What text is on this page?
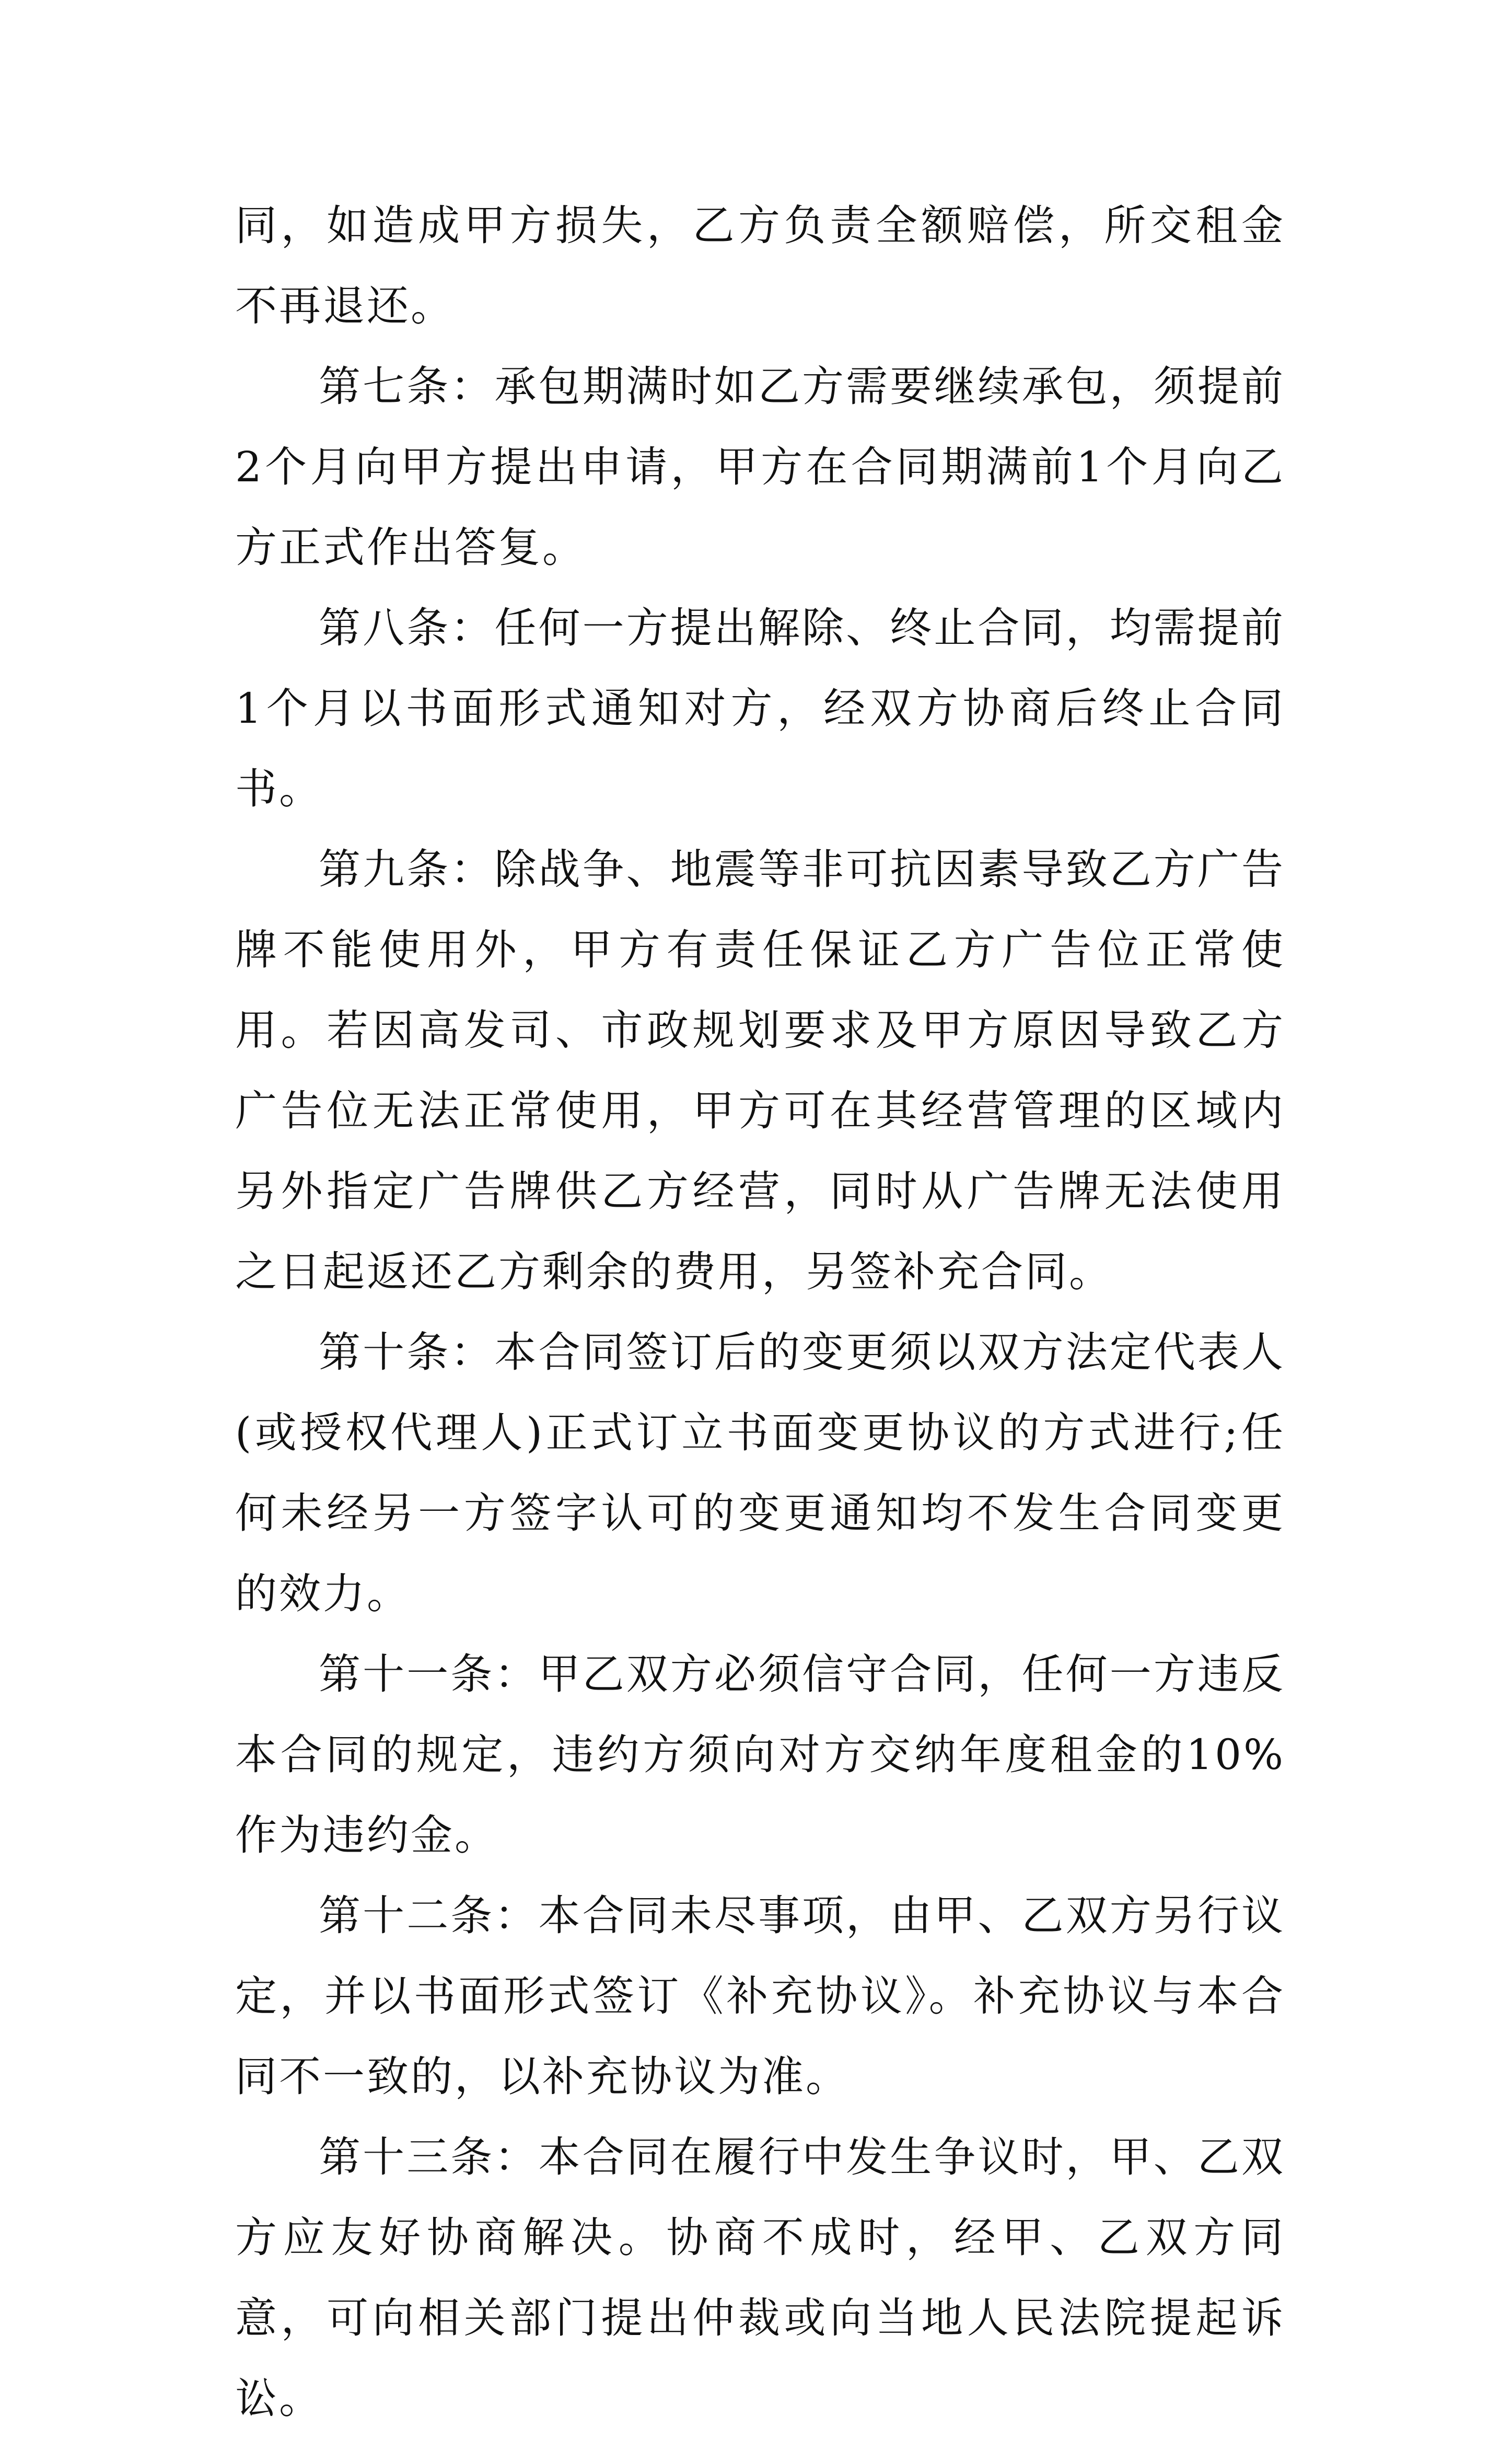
同，如造成甲方损失，乙方负责全额赔偿，所交租金不再退还。

第七条：承包期满时如乙方需要继续承包，须提前2个月向甲方提出申请，甲方在合同期满前1个月向乙方正式作出答复。

第八条：任何一方提出解除、终止合同，均需提前1个月以书面形式通知对方，经双方协商后终止合同书。

第九条：除战争、地震等非可抗因素导致乙方广告牌不能使用外，甲方有责任保证乙方广告位正常使用。若因高发司、市政规划要求及甲方原因导致乙方广告位无法正常使用，甲方可在其经营管理的区域内另外指定广告牌供乙方经营，同时从广告牌无法使用之日起返还乙方剩余的费用，另签补充合同。

第十条：本合同签订后的变更须以双方法定代表人(或授权代理人)正式订立书面变更协议的方式进行;任何未经另一方签字认可的变更通知均不发生合同变更的效力。

第十一条：甲乙双方必须信守合同，任何一方违反本合同的规定，违约方须向对方交纳年度租金的10%作为违约金。

第十二条：本合同未尽事项，由甲、乙双方另行议定，并以书面形式签订《补充协议》。补充协议与本合同不一致的，以补充协议为准。

第十三条：本合同在履行中发生争议时，甲、乙双方应友好协商解决。协商不成时，经甲、乙双方同意，可向相关部门提出仲裁或向当地人民法院提起诉讼。
